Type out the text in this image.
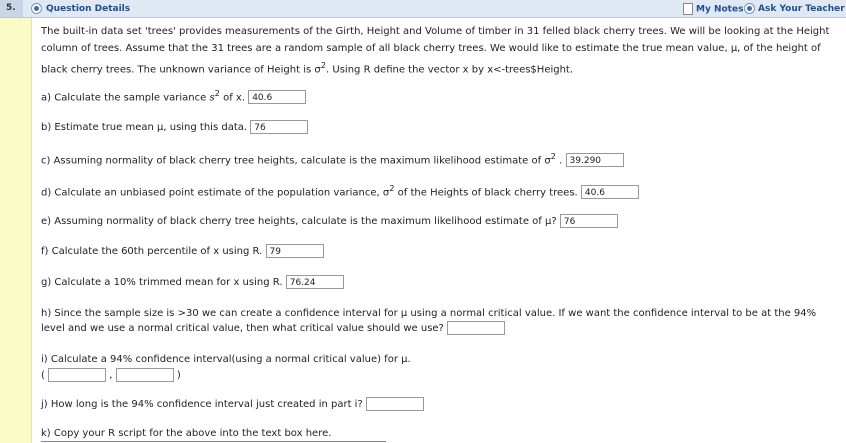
5.	Question Details	My Notes	Ask Your Teacher

The built-in data set 'trees' provides measurements of the Girth, Height and Volume of timber in 31 felled black cherry trees. We will be looking at the Height
column of trees. Assume that the 31 trees are a random sample of all black cherry trees. We would like to estimate the true mean value, μ, of the height of
black cherry trees. The unknown variance of Height is $\sigma^2$. Using R define the vector x by x<-trees$Height.

a) Calculate the sample variance $s^2$ of x. 40.6
b) Estimate true mean μ, using this data. 76
c) Assuming normality of black cherry tree heights, calculate is the maximum likelihood estimate of $\sigma^2$ . 39.290
d) Calculate an unbiased point estimate of the population variance, $\sigma^2$ of the Heights of black cherry trees. 40.6
e) Assuming normality of black cherry tree heights, calculate is the maximum likelihood estimate of μ? 76
f) Calculate the 60th percentile of x using R. 79
g) Calculate a 10% trimmed mean for x using R. 76.24
h) Since the sample size is >30 we can create a confidence interval for μ using a normal critical value. If we want the confidence interval to be at the 94%
level and we use a normal critical value, then what critical value should we use?
i) Calculate a 94% confidence interval(using a normal critical value) for μ.
(	,	)
j) How long is the 94% confidence interval just created in part i?
k) Copy your R script for the above into the text box here.
